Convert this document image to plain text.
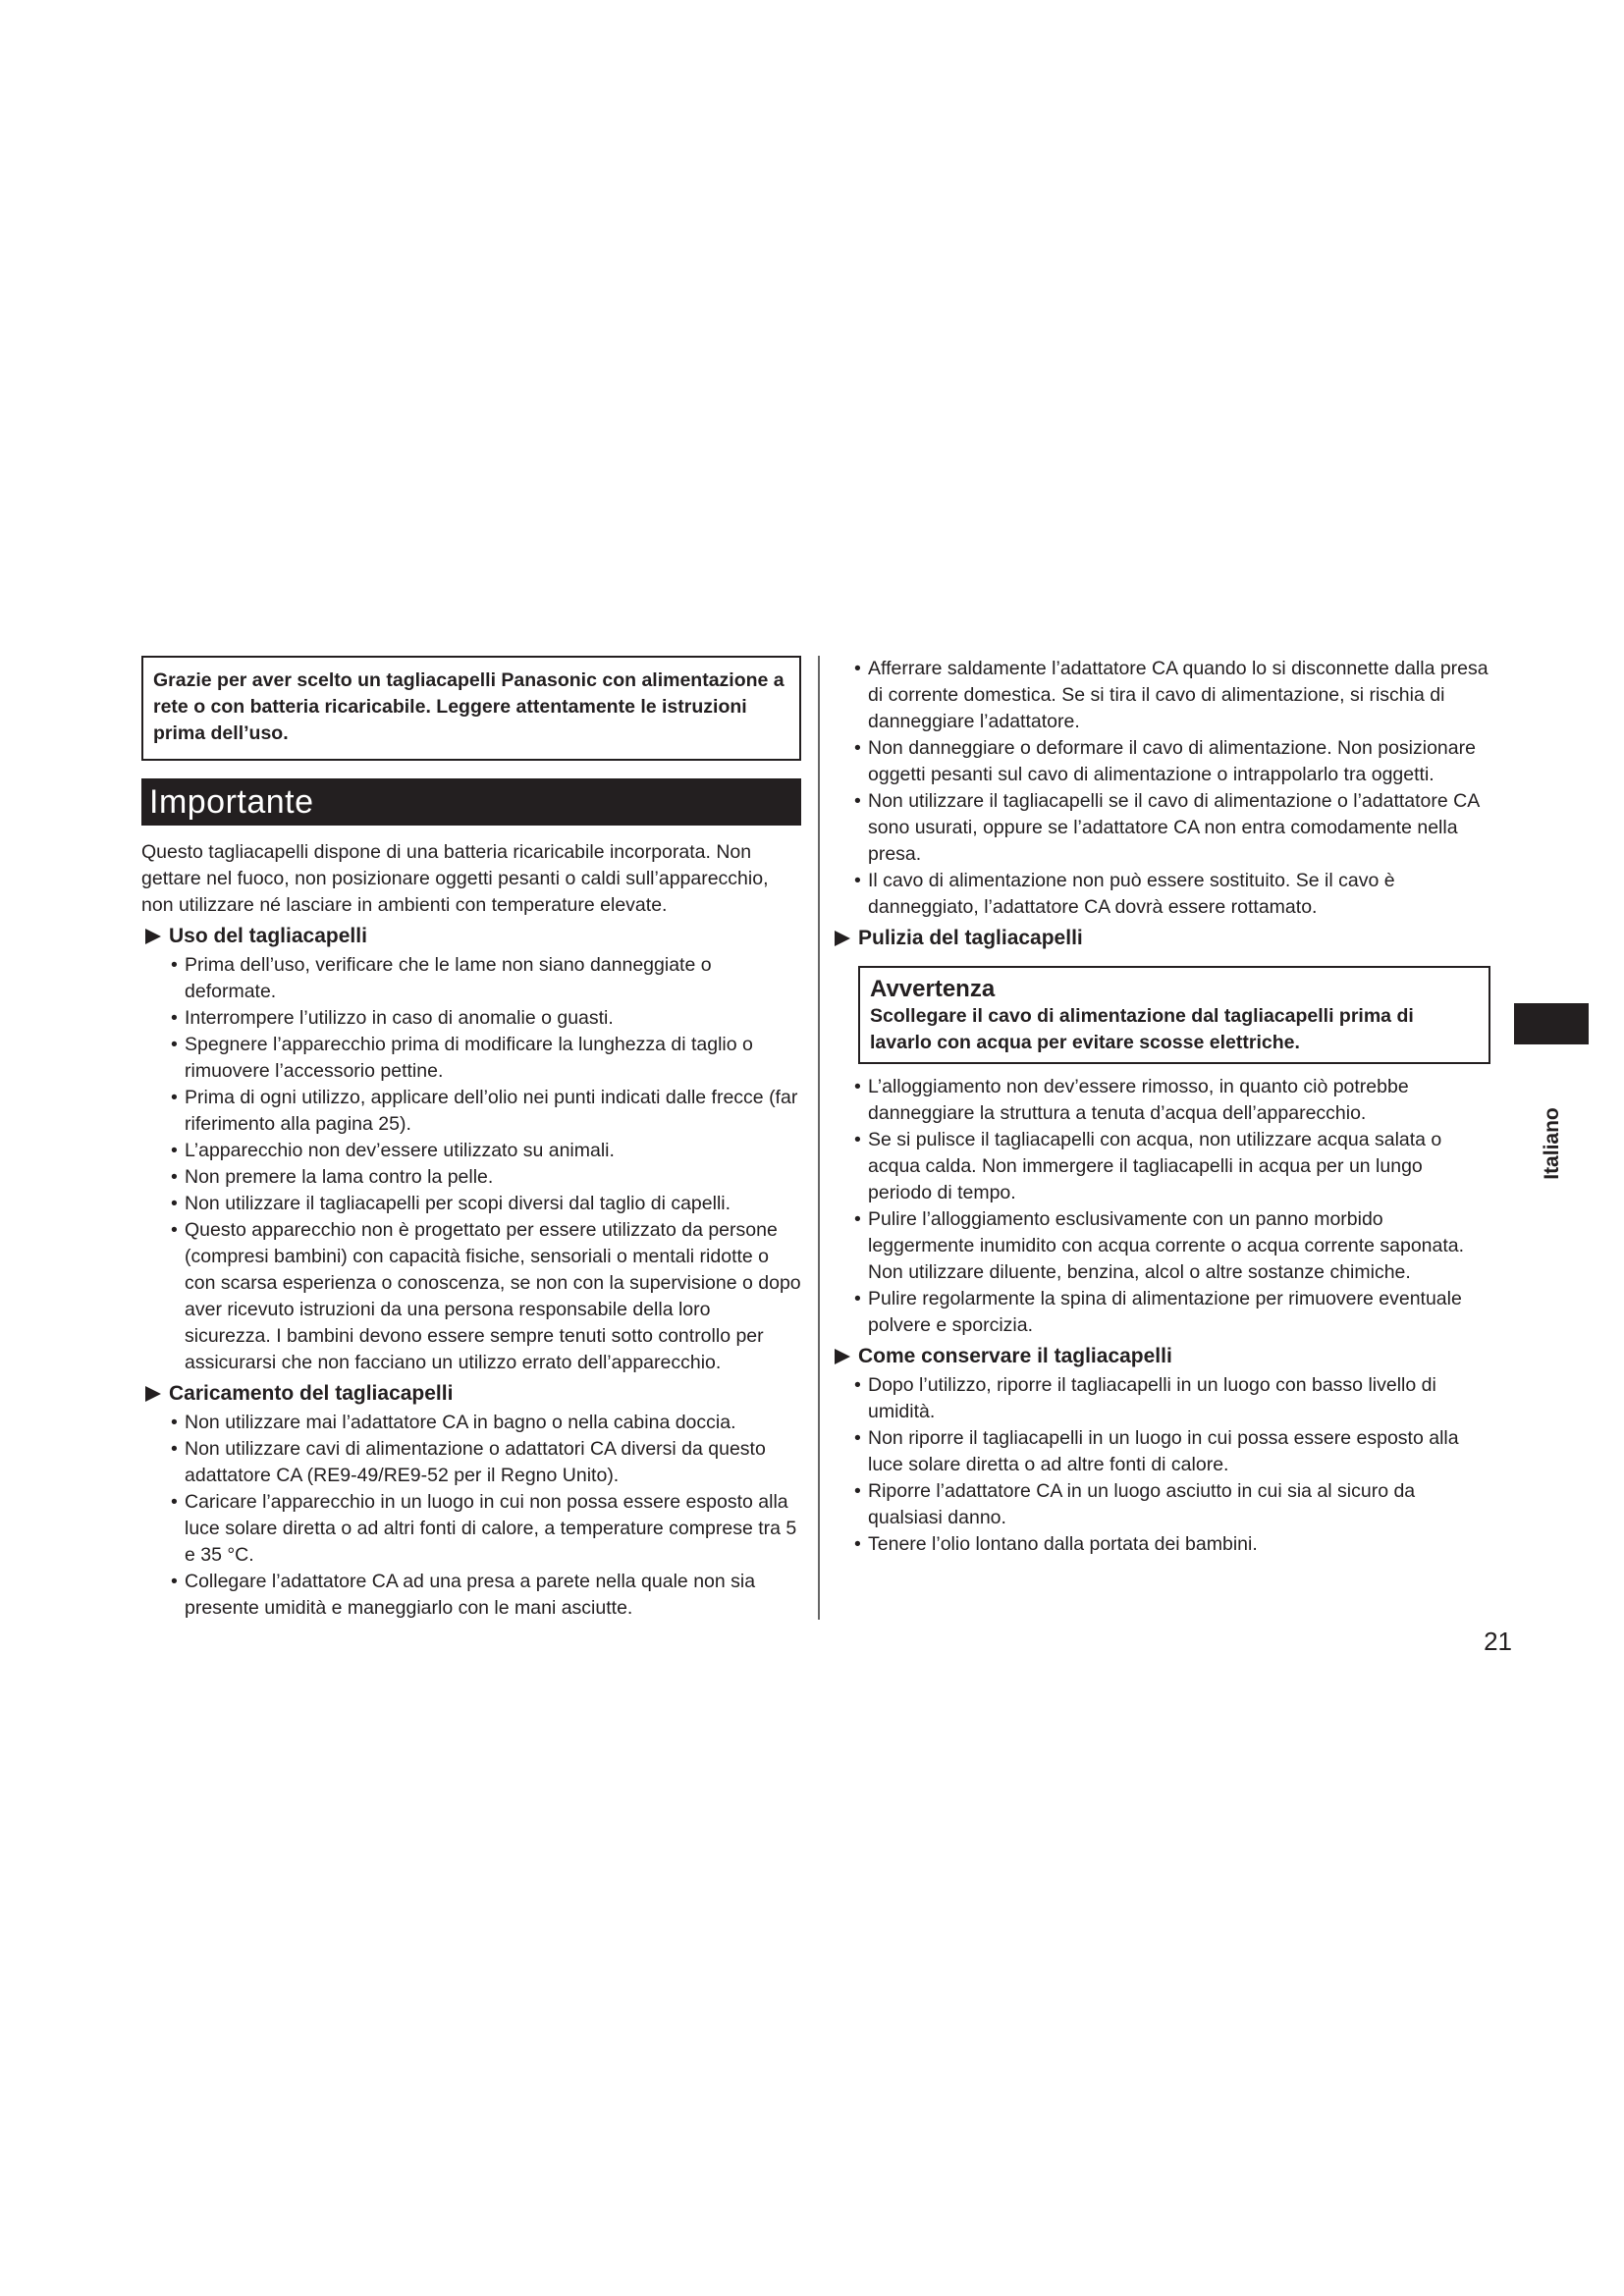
Grazie per aver scelto un tagliacapelli Panasonic con alimentazione a rete o con batteria ricaricabile. Leggere attentamente le istruzioni prima dell’uso.
Importante

Questo tagliacapelli dispone di una batteria ricaricabile incorporata. Non gettare nel fuoco, non posizionare oggetti pesanti o caldi sull’apparecchio, non utilizzare né lasciare in ambienti con temperature elevate.

Uso del tagliacapelli
• Prima dell’uso, verificare che le lame non siano danneggiate o deformate.
• Interrompere l’utilizzo in caso di anomalie o guasti.
• Spegnere l’apparecchio prima di modificare la lunghezza di taglio o rimuovere l’accessorio pettine.
• Prima di ogni utilizzo, applicare dell’olio nei punti indicati dalle frecce (far riferimento alla pagina 25).
• L’apparecchio non dev’essere utilizzato su animali.
• Non premere la lama contro la pelle.
• Non utilizzare il tagliacapelli per scopi diversi dal taglio di capelli.
• Questo apparecchio non è progettato per essere utilizzato da persone (compresi bambini) con capacità fisiche, sensoriali o mentali ridotte o con scarsa esperienza o conoscenza, se non con la supervisione o dopo aver ricevuto istruzioni da una persona responsabile della loro sicurezza. I bambini devono essere sempre tenuti sotto controllo per assicurarsi che non facciano un utilizzo errato dell’apparecchio.
Caricamento del tagliacapelli
• Non utilizzare mai l’adattatore CA in bagno o nella cabina doccia.
• Non utilizzare cavi di alimentazione o adattatori CA diversi da questo adattatore CA (RE9-49/RE9-52 per il Regno Unito).
• Caricare l’apparecchio in un luogo in cui non possa essere esposto alla luce solare diretta o ad altri fonti di calore, a temperature comprese tra 5 e 35 °C.
• Collegare l’adattatore CA ad una presa a parete nella quale non sia presente umidità e maneggiarlo con le mani asciutte.
• Afferrare saldamente l’adattatore CA quando lo si disconnette dalla presa di corrente domestica. Se si tira il cavo di alimentazione, si rischia di danneggiare l’adattatore.
• Non danneggiare o deformare il cavo di alimentazione. Non posizionare oggetti pesanti sul cavo di alimentazione o intrappolarlo tra oggetti.
• Non utilizzare il tagliacapelli se il cavo di alimentazione o l’adattatore CA sono usurati, oppure se l’adattatore CA non entra comodamente nella presa.
• Il cavo di alimentazione non può essere sostituito. Se il cavo è danneggiato, l’adattatore CA dovrà essere rottamato.
Pulizia del tagliacapelli
Avvertenza
Scollegare il cavo di alimentazione dal tagliacapelli prima di lavarlo con acqua per evitare scosse elettriche.
• L’alloggiamento non dev’essere rimosso, in quanto ciò potrebbe danneggiare la struttura a tenuta d’acqua dell’apparecchio.
• Se si pulisce il tagliacapelli con acqua, non utilizzare acqua salata o acqua calda. Non immergere il tagliacapelli in acqua per un lungo periodo di tempo.
• Pulire l’alloggiamento esclusivamente con un panno morbido leggermente inumidito con acqua corrente o acqua corrente saponata. Non utilizzare diluente, benzina, alcol o altre sostanze chimiche.
• Pulire regolarmente la spina di alimentazione per rimuovere eventuale polvere e sporcizia.
Come conservare il tagliacapelli
• Dopo l’utilizzo, riporre il tagliacapelli in un luogo con basso livello di umidità.
• Non riporre il tagliacapelli in un luogo in cui possa essere esposto alla luce solare diretta o ad altre fonti di calore.
• Riporre l’adattatore CA in un luogo asciutto in cui sia al sicuro da qualsiasi danno.
• Tenere l’olio lontano dalla portata dei bambini.
Italiano
21
